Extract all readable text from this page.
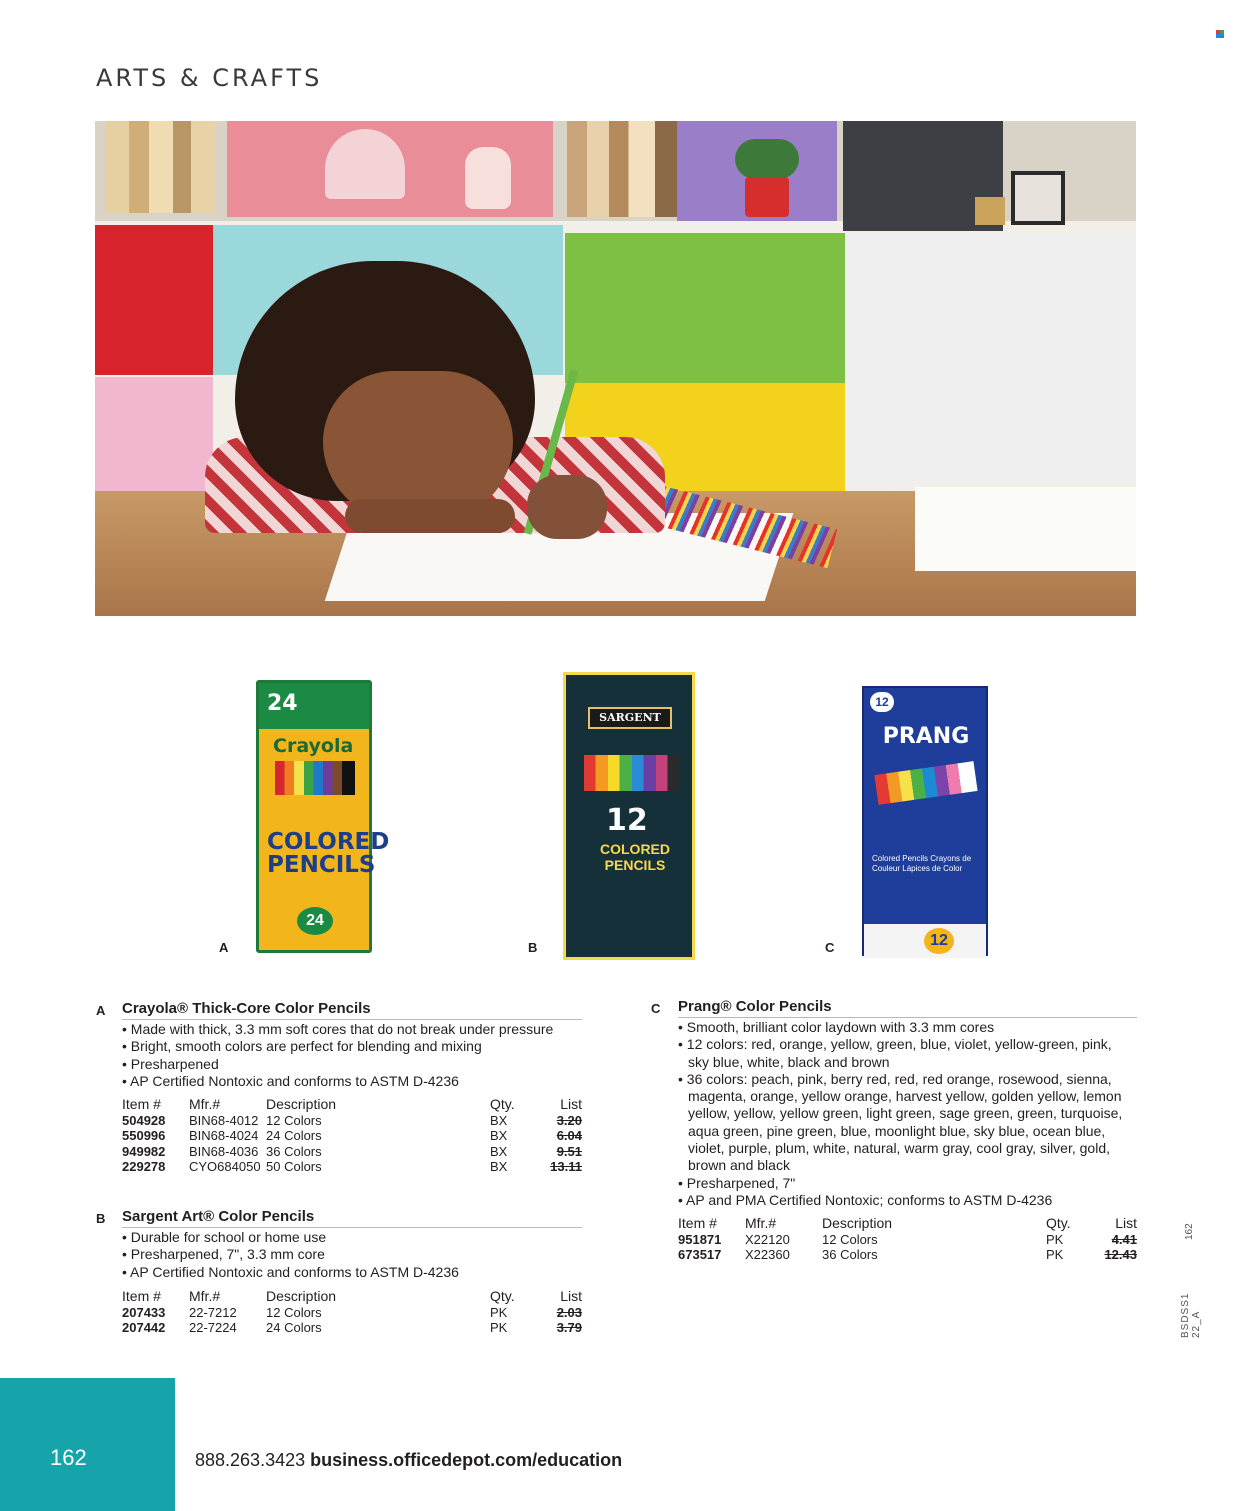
ARTS & CRAFTS
24
Crayola
COLORED
PENCILS
24
A
SARGENT
12
COLORED PENCILS
B
12
PRANG
Colored Pencils Crayons de Couleur Lápices de Color
12
C
A Crayola® Thick-Core Color Pencils
• Made with thick, 3.3 mm soft cores that do not break under pressure
• Bright, smooth colors are perfect for blending and mixing
• Presharpened
• AP Certified Nontoxic and conforms to ASTM D-4236
Item #	Mfr.#	Description	Qty.	List
504928	BIN68-4012	12 Colors	BX	3.20
550996	BIN68-4024	24 Colors	BX	6.04
949982	BIN68-4036	36 Colors	BX	9.51
229278	CYO684050	50 Colors	BX	13.11
B Sargent Art® Color Pencils
• Durable for school or home use
• Presharpened, 7", 3.3 mm core
• AP Certified Nontoxic and conforms to ASTM D-4236
Item #	Mfr.#	Description	Qty.	List
207433	22-7212	12 Colors	PK	2.03
207442	22-7224	24 Colors	PK	3.79
C Prang® Color Pencils
• Smooth, brilliant color laydown with 3.3 mm cores
• 12 colors: red, orange, yellow, green, blue, violet, yellow-green, pink,
sky blue, white, black and brown
• 36 colors: peach, pink, berry red, red, red orange, rosewood, sienna,
magenta, orange, yellow orange, harvest yellow, golden yellow, lemon
yellow, yellow, yellow green, light green, sage green, green, turquoise,
aqua green, pine green, blue, moonlight blue, sky blue, ocean blue,
violet, purple, plum, white, natural, warm gray, cool gray, silver, gold,
brown and black
• Presharpened, 7"
• AP and PMA Certified Nontoxic; conforms to ASTM D-4236
Item #	Mfr.#	Description	Qty.	List
951871	X22120	12 Colors	PK	4.41
673517	X22360	36 Colors	PK	12.43
162
BSDSS1 22_A
162	888.263.3423 business.officedepot.com/education
